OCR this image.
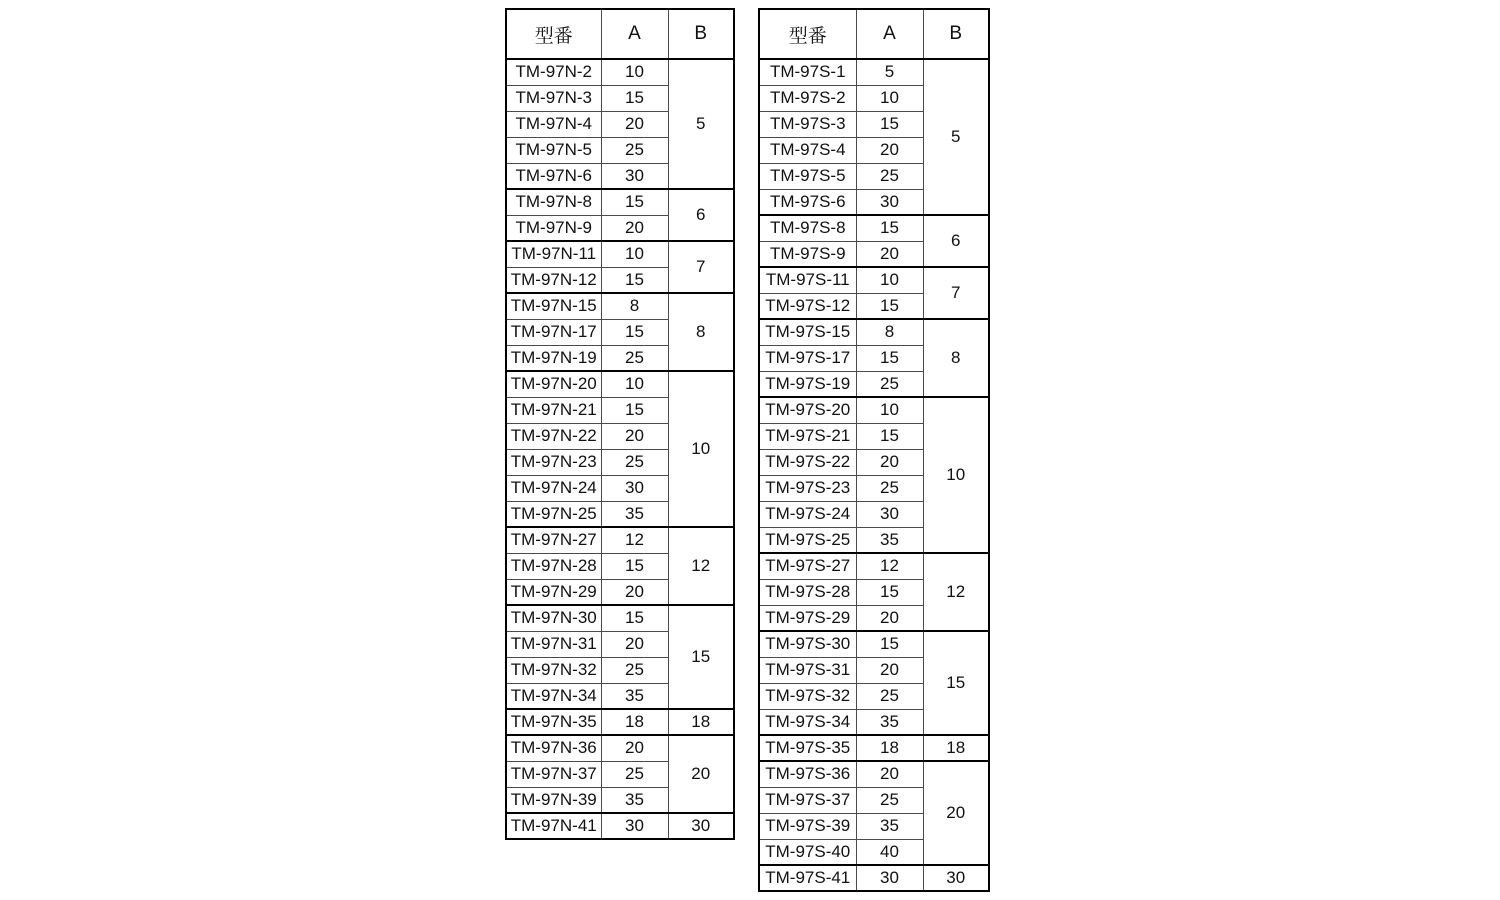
型番	A	B
TM-97N-2	10	5
TM-97N-3	15	
TM-97N-4	20	
TM-97N-5	25	
TM-97N-6	30	
TM-97N-8	15	6
TM-97N-9	20	
TM-97N-11	10	7
TM-97N-12	15	
TM-97N-15	8	8
TM-97N-17	15	
TM-97N-19	25	
TM-97N-20	10	10
TM-97N-21	15	
TM-97N-22	20	
TM-97N-23	25	
TM-97N-24	30	
TM-97N-25	35	
TM-97N-27	12	12
TM-97N-28	15	
TM-97N-29	20	
TM-97N-30	15	15
TM-97N-31	20	
TM-97N-32	25	
TM-97N-34	35	
TM-97N-35	18	18
TM-97N-36	20	20
TM-97N-37	25	
TM-97N-39	35	
TM-97N-41	30	30
型番	A	B
TM-97S-1	5	5
TM-97S-2	10	
TM-97S-3	15	
TM-97S-4	20	
TM-97S-5	25	
TM-97S-6	30	
TM-97S-8	15	6
TM-97S-9	20	
TM-97S-11	10	7
TM-97S-12	15	
TM-97S-15	8	8
TM-97S-17	15	
TM-97S-19	25	
TM-97S-20	10	10
TM-97S-21	15	
TM-97S-22	20	
TM-97S-23	25	
TM-97S-24	30	
TM-97S-25	35	
TM-97S-27	12	12
TM-97S-28	15	
TM-97S-29	20	
TM-97S-30	15	15
TM-97S-31	20	
TM-97S-32	25	
TM-97S-34	35	
TM-97S-35	18	18
TM-97S-36	20	20
TM-97S-37	25	
TM-97S-39	35	
TM-97S-40	40	
TM-97S-41	30	30
